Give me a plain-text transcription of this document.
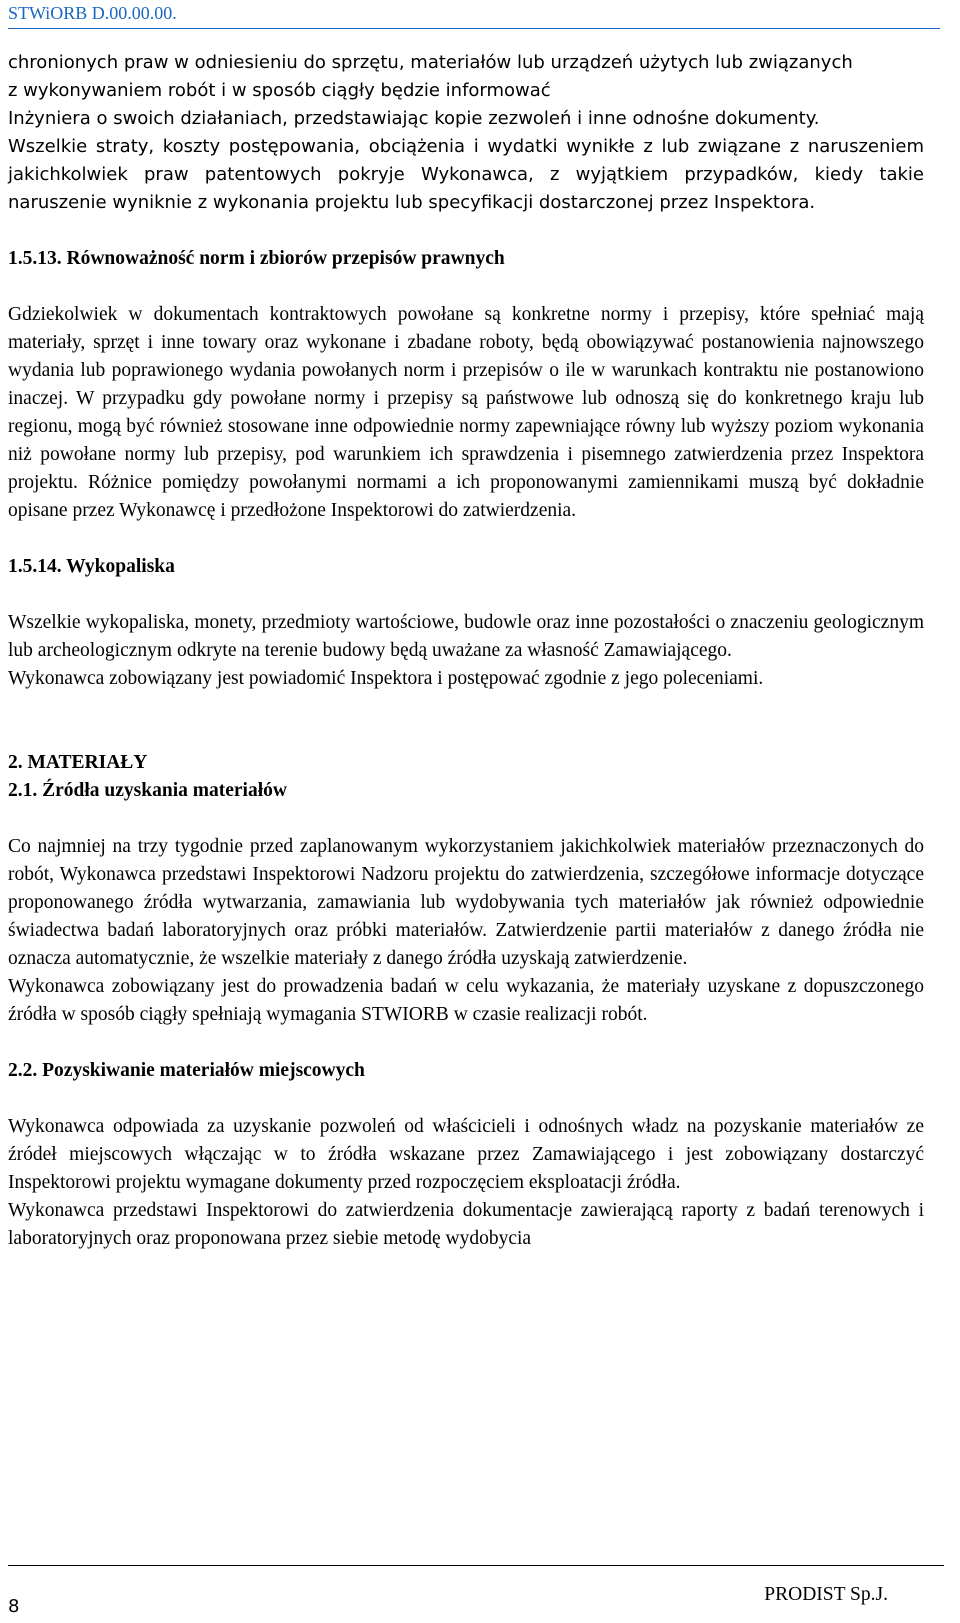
STWiORB D.00.00.00.
chronionych praw w odniesieniu do sprzętu, materiałów lub urządzeń użytych lub związanych
z wykonywaniem robót i w sposób ciągły będzie informować
Inżyniera o swoich działaniach, przedstawiając kopie zezwoleń i inne odnośne dokumenty.

Wszelkie straty, koszty postępowania, obciążenia i wydatki wynikłe z lub związane z naruszeniem jakichkolwiek praw patentowych pokryje Wykonawca, z wyjątkiem przypadków, kiedy takie naruszenie wyniknie z wykonania projektu lub specyfikacji dostarczonej przez Inspektora.

1.5.13. Równoważność norm i zbiorów przepisów prawnych

Gdziekolwiek w dokumentach kontraktowych powołane są konkretne normy i przepisy, które spełniać mają materiały, sprzęt i inne towary oraz wykonane i zbadane roboty, będą obowiązywać postanowienia najnowszego wydania lub poprawionego wydania powołanych norm i przepisów o ile w warunkach kontraktu nie postanowiono inaczej. W przypadku gdy powołane normy i przepisy są państwowe lub odnoszą się do konkretnego kraju lub regionu, mogą być również stosowane inne odpowiednie normy zapewniające równy lub wyższy poziom wykonania niż powołane normy lub przepisy, pod warunkiem ich sprawdzenia i pisemnego zatwierdzenia przez Inspektora projektu. Różnice pomiędzy powołanymi normami a ich proponowanymi zamiennikami muszą być dokładnie opisane przez Wykonawcę i przedłożone Inspektorowi do zatwierdzenia.

1.5.14. Wykopaliska

Wszelkie wykopaliska, monety, przedmioty wartościowe, budowle oraz inne pozostałości o znaczeniu geologicznym lub archeologicznym odkryte na terenie budowy będą uważane za własność Zamawiającego.

Wykonawca zobowiązany jest powiadomić Inspektora i postępować zgodnie z jego poleceniami.

2. MATERIAŁY
2.1. Źródła uzyskania materiałów

Co najmniej na trzy tygodnie przed zaplanowanym wykorzystaniem jakichkolwiek materiałów przeznaczonych do robót, Wykonawca przedstawi Inspektorowi Nadzoru projektu do zatwierdzenia, szczegółowe informacje dotyczące proponowanego źródła wytwarzania, zamawiania lub wydobywania tych materiałów jak również odpowiednie świadectwa badań laboratoryjnych oraz próbki materiałów. Zatwierdzenie partii materiałów z danego źródła nie oznacza automatycznie, że wszelkie materiały z danego źródła uzyskają zatwierdzenie.

Wykonawca zobowiązany jest do prowadzenia badań w celu wykazania, że materiały uzyskane z dopuszczonego źródła w sposób ciągły spełniają wymagania STWIORB w czasie realizacji robót.

2.2. Pozyskiwanie materiałów miejscowych

Wykonawca odpowiada za uzyskanie pozwoleń od właścicieli i odnośnych władz na pozyskanie materiałów ze źródeł miejscowych włączając w to źródła wskazane przez Zamawiającego i jest zobowiązany dostarczyć Inspektorowi projektu wymagane dokumenty przed rozpoczęciem eksploatacji źródła.

Wykonawca przedstawi Inspektorowi do zatwierdzenia dokumentacje zawierającą raporty z badań terenowych i laboratoryjnych oraz proponowana przez siebie metodę wydobycia

8
PRODIST Sp.J.
